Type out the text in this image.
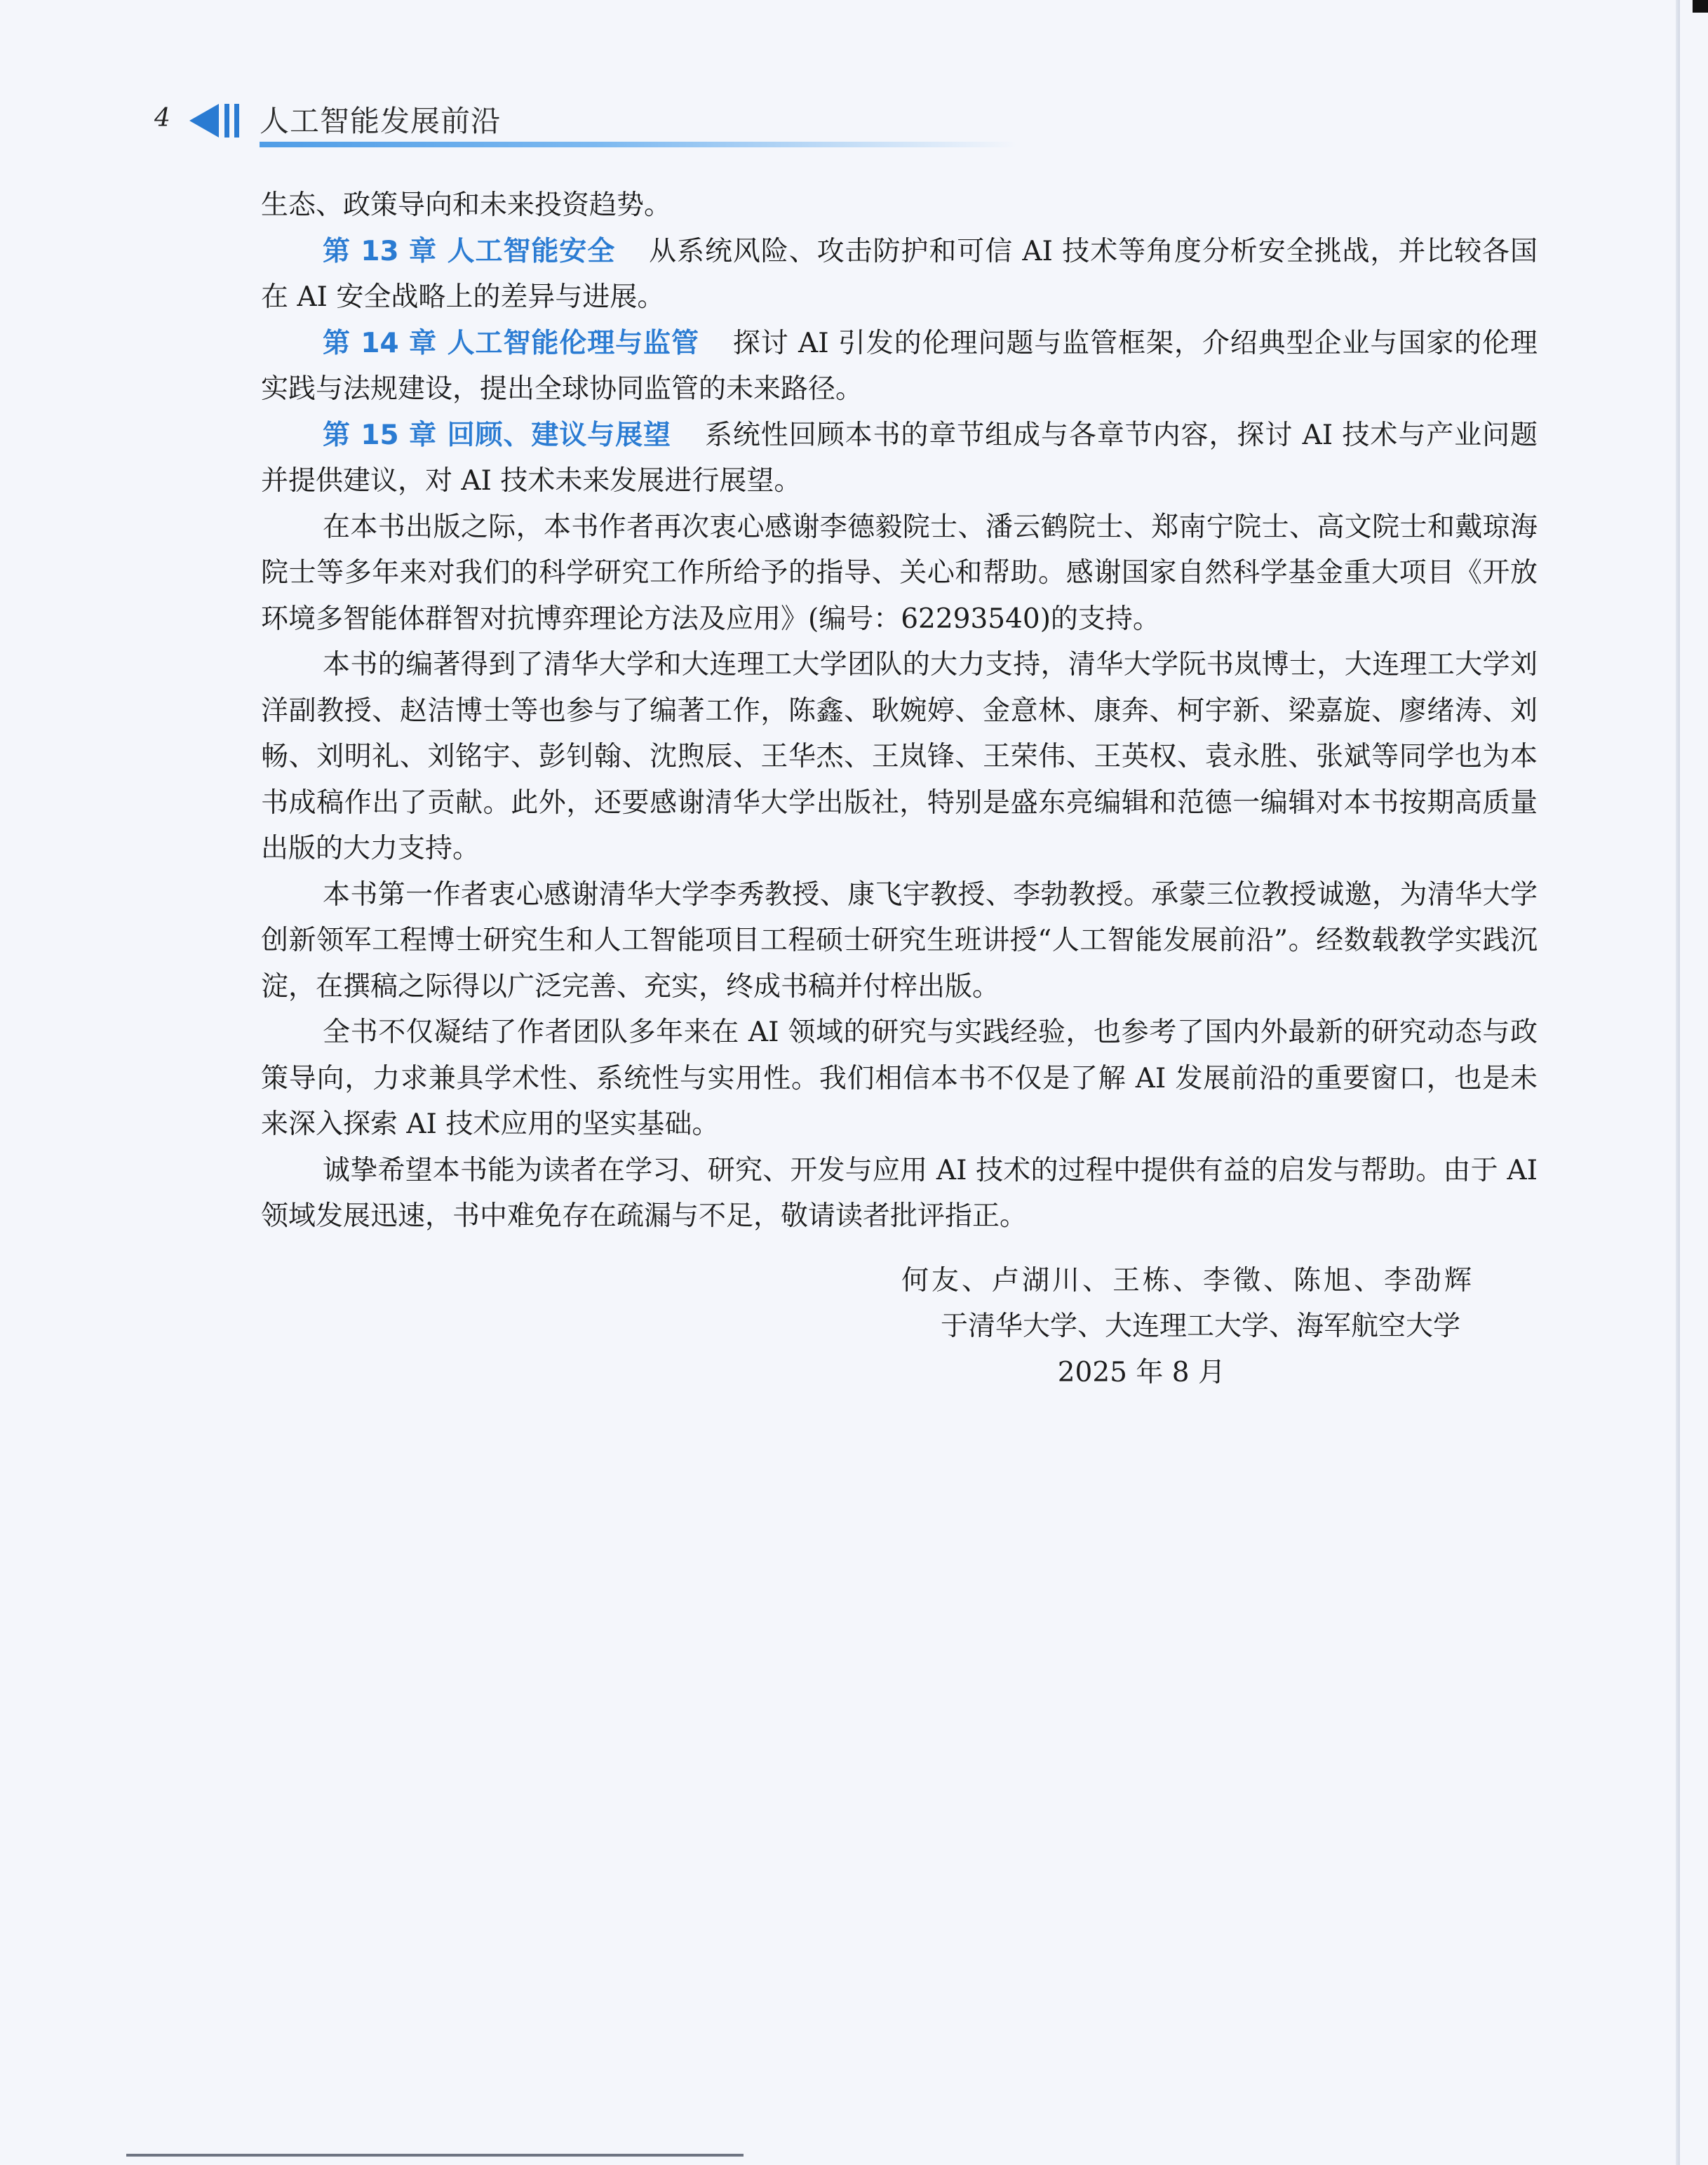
4	人工智能发展前沿

生态、政策导向和未来投资趋势。

第 13 章 人工智能安全 从系统风险、攻击防护和可信 AI 技术等角度分析安全挑战，并比较各国在 AI 安全战略上的差异与进展。

第 14 章 人工智能伦理与监管 探讨 AI 引发的伦理问题与监管框架，介绍典型企业与国家的伦理实践与法规建设，提出全球协同监管的未来路径。

第 15 章 回顾、建议与展望 系统性回顾本书的章节组成与各章节内容，探讨 AI 技术与产业问题并提供建议，对 AI 技术未来发展进行展望。

在本书出版之际，本书作者再次衷心感谢李德毅院士、潘云鹤院士、郑南宁院士、高文院士和戴琼海院士等多年来对我们的科学研究工作所给予的指导、关心和帮助。感谢国家自然科学基金重大项目《开放环境多智能体群智对抗博弈理论方法及应用》(编号：62293540)的支持。

本书的编著得到了清华大学和大连理工大学团队的大力支持，清华大学阮书岚博士，大连理工大学刘洋副教授、赵洁博士等也参与了编著工作，陈鑫、耿婉婷、金意林、康奔、柯宇新、梁嘉旋、廖绪涛、刘畅、刘明礼、刘铭宇、彭钊翰、沈煦辰、王华杰、王岚锋、王荣伟、王英权、袁永胜、张斌等同学也为本书成稿作出了贡献。此外，还要感谢清华大学出版社，特别是盛东亮编辑和范德一编辑对本书按期高质量出版的大力支持。

本书第一作者衷心感谢清华大学李秀教授、康飞宇教授、李勃教授。承蒙三位教授诚邀，为清华大学创新领军工程博士研究生和人工智能项目工程硕士研究生班讲授“人工智能发展前沿”。经数载教学实践沉淀，在撰稿之际得以广泛完善、充实，终成书稿并付梓出版。

全书不仅凝结了作者团队多年来在 AI 领域的研究与实践经验，也参考了国内外最新的研究动态与政策导向，力求兼具学术性、系统性与实用性。我们相信本书不仅是了解 AI 发展前沿的重要窗口，也是未来深入探索 AI 技术应用的坚实基础。

诚挚希望本书能为读者在学习、研究、开发与应用 AI 技术的过程中提供有益的启发与帮助。由于 AI 领域发展迅速，书中难免存在疏漏与不足，敬请读者批评指正。

何友、卢湖川、王栋、李徵、陈旭、李劭辉

于清华大学、大连理工大学、海军航空大学

2025 年 8 月
